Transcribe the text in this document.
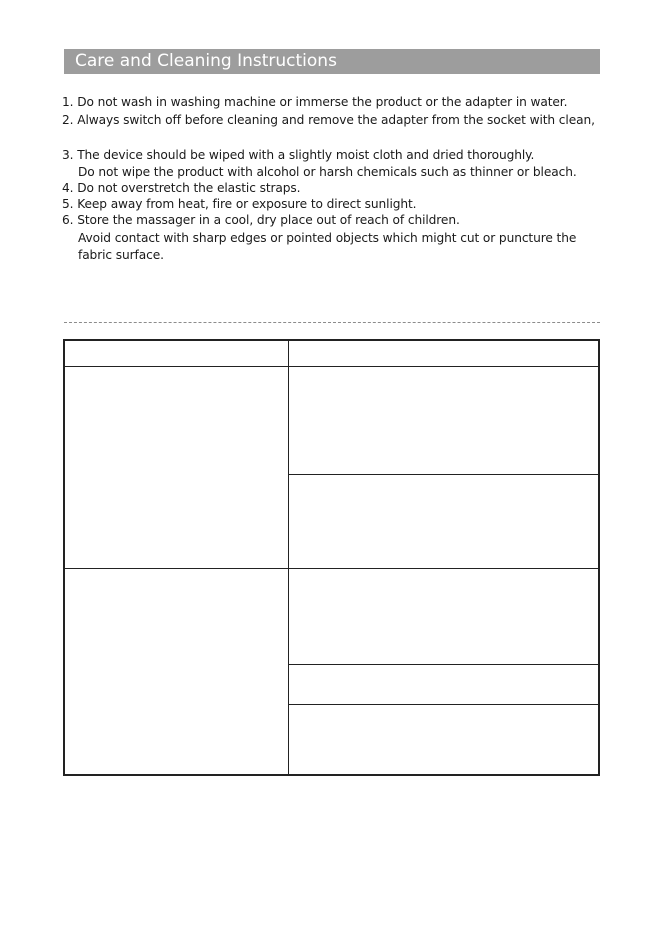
Care and Cleaning Instructions
1. Do not wash in washing machine or immerse the product or the adapter in water.
2. Always switch off before cleaning and remove the adapter from the socket with clean,
3. The device should be wiped with a slightly moist cloth and dried thoroughly.
Do not wipe the product with alcohol or harsh chemicals such as thinner or bleach.
4. Do not overstretch the elastic straps.
5. Keep away from heat, fire or exposure to direct sunlight.
6. Store the massager in a cool, dry place out of reach of children.
Avoid contact with sharp edges or pointed objects which might cut or puncture the
fabric surface.
